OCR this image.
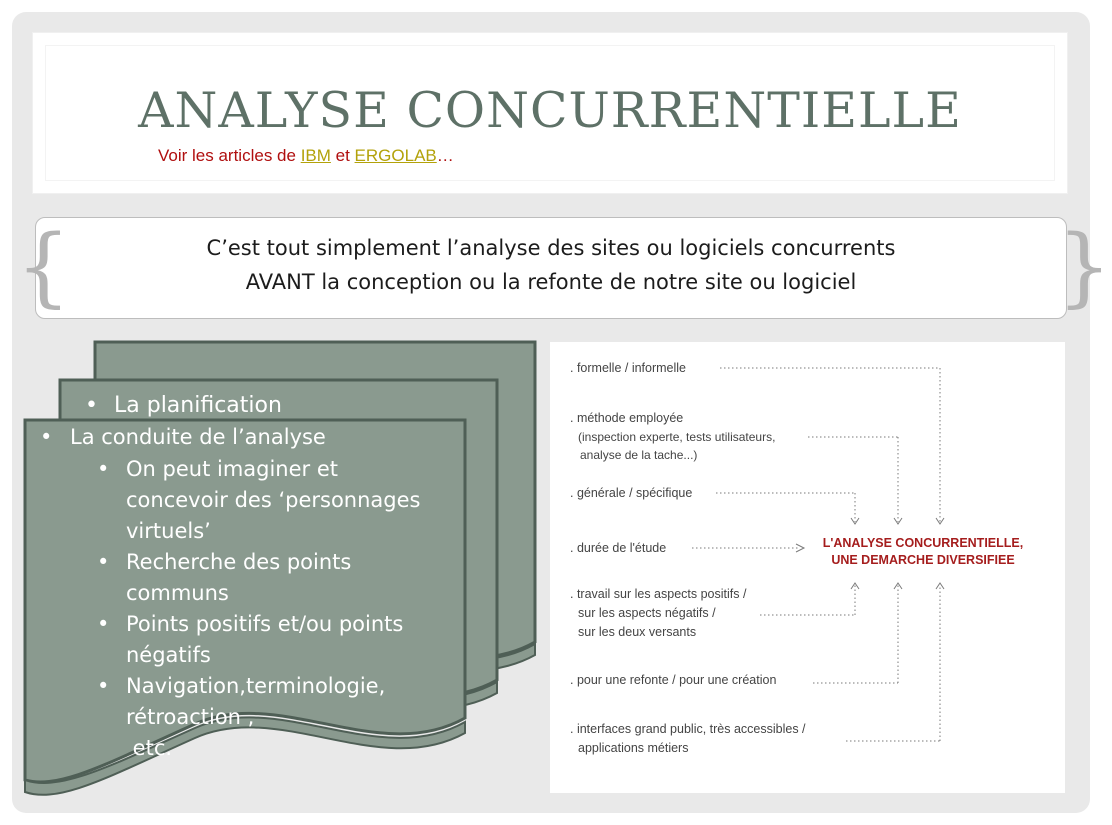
ANALYSE CONCURRENTIELLE
Voir les articles de IBM et ERGOLAB…
C’est tout simplement l’analyse des sites ou logiciels concurrents
AVANT la conception ou la refonte de notre site ou logiciel
{	}
• La planification
• La conduite de l’analyse
• On peut imaginer et
concevoir des ‘personnages
virtuels’
• Recherche des points
communs
• Points positifs et/ou points
négatifs
• Navigation,terminologie,
rétroaction ,
etc.
. formelle / informelle
. méthode employée
(inspection experte, tests utilisateurs,
analyse de la tache...)
. générale / spécifique
. durée de l'étude
. travail sur les aspects positifs /
sur les aspects négatifs /
sur les deux versants
. pour une refonte / pour une création
. interfaces grand public, très accessibles /
applications métiers
L'ANALYSE CONCURRENTIELLE,
UNE DEMARCHE DIVERSIFIEE
